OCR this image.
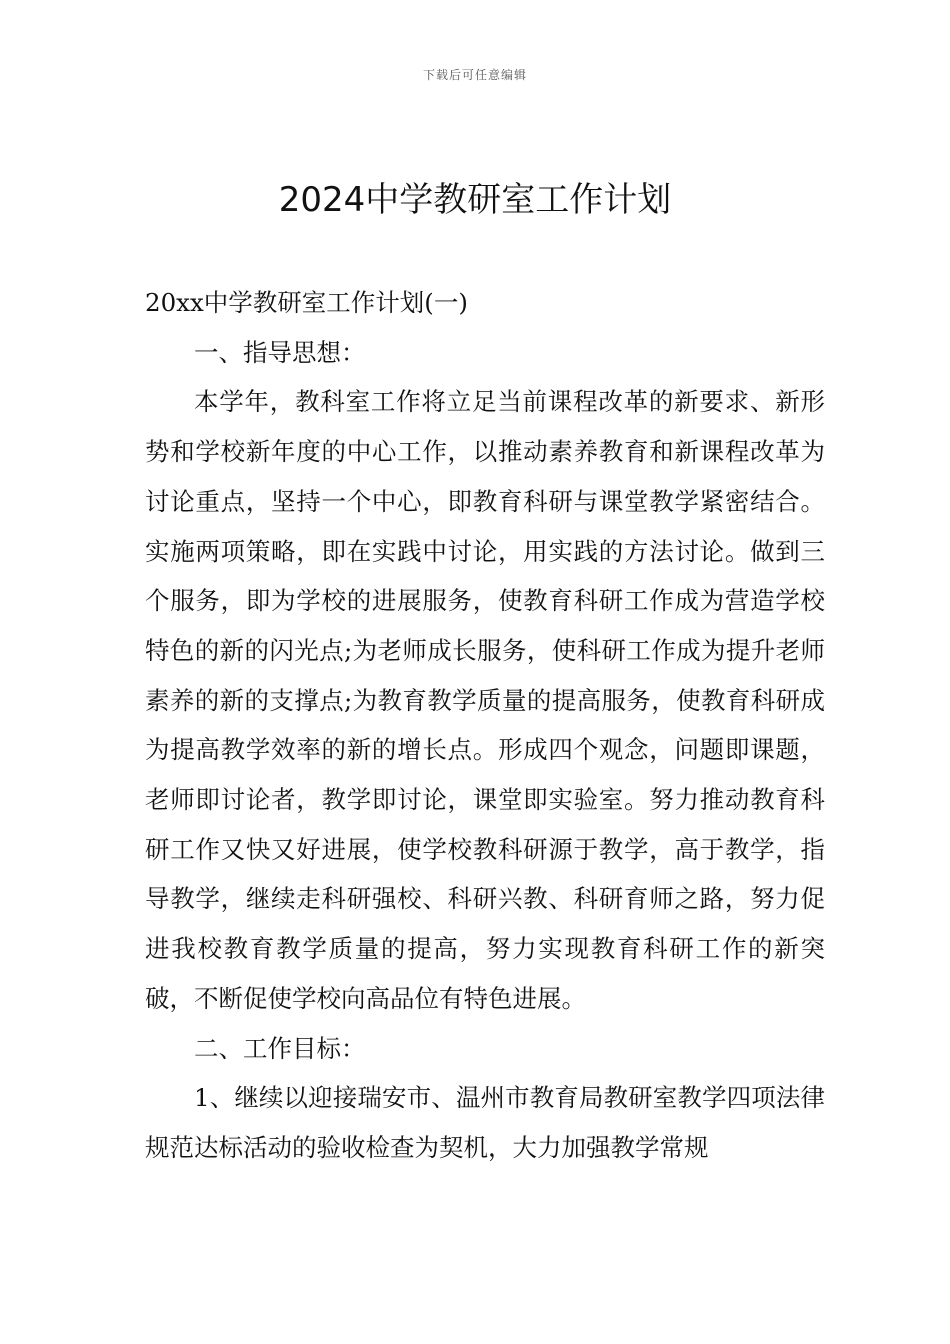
下载后可任意编辑
2024中学教研室工作计划

20xx中学教研室工作计划(一)

一、指导思想：

本学年，教科室工作将立足当前课程改革的新要求、新形势和学校新年度的中心工作，以推动素养教育和新课程改革为讨论重点，坚持一个中心，即教育科研与课堂教学紧密结合。实施两项策略，即在实践中讨论，用实践的方法讨论。做到三个服务，即为学校的进展服务，使教育科研工作成为营造学校特色的新的闪光点;为老师成长服务，使科研工作成为提升老师素养的新的支撑点;为教育教学质量的提高服务，使教育科研成为提高教学效率的新的增长点。形成四个观念，问题即课题，老师即讨论者，教学即讨论，课堂即实验室。努力推动教育科研工作又快又好进展，使学校教科研源于教学，高于教学，指导教学，继续走科研强校、科研兴教、科研育师之路，努力促进我校教育教学质量的提高，努力实现教育科研工作的新突破，不断促使学校向高品位有特色进展。

二、工作目标：

1、继续以迎接瑞安市、温州市教育局教研室教学四项法律规范达标活动的验收检查为契机，大力加强教学常规
